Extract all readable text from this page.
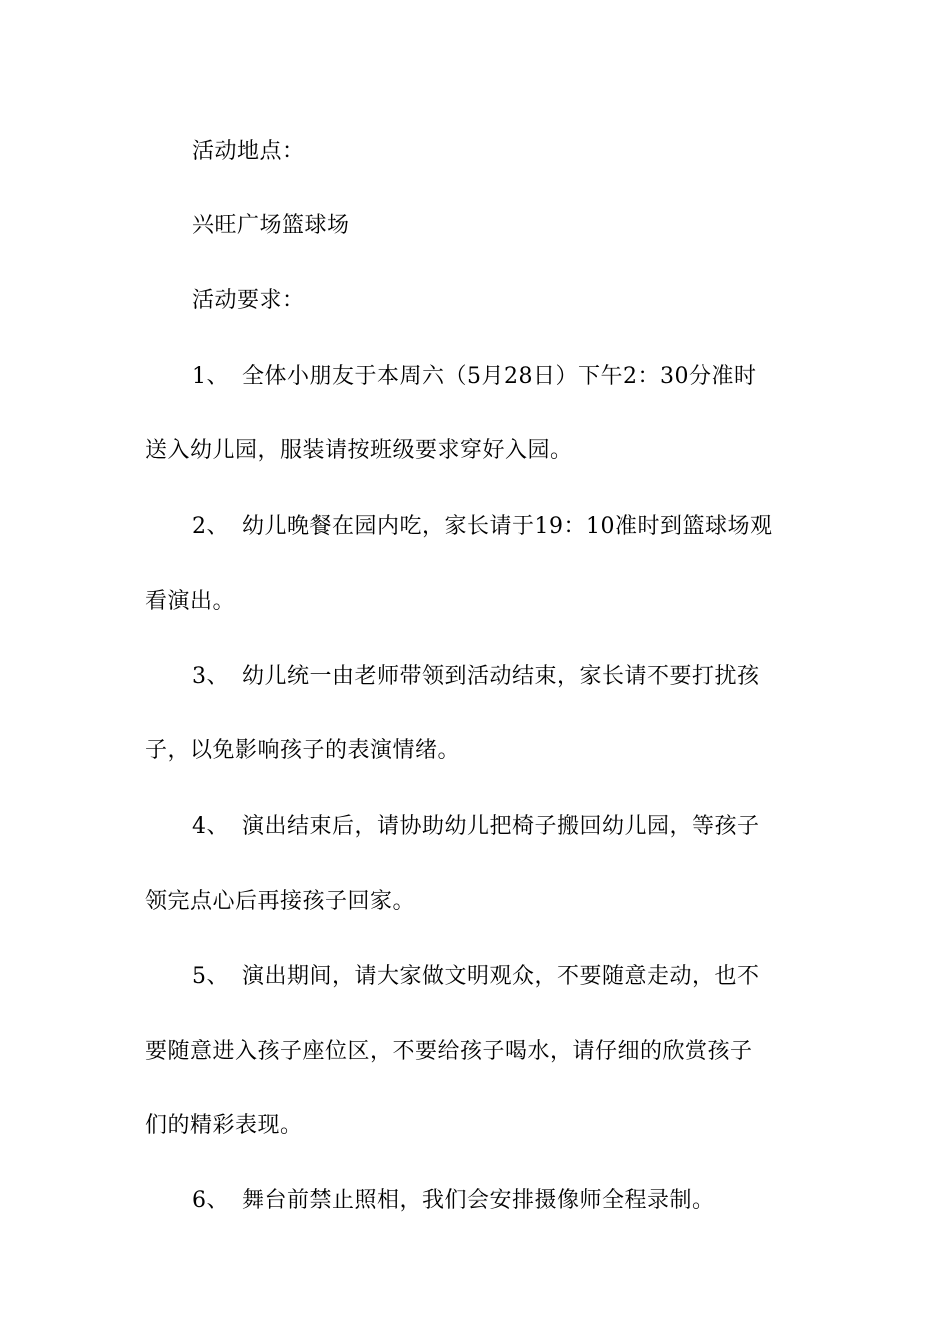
活动地点：
兴旺广场篮球场
活动要求：
1、 全体小朋友于本周六（5月28日）下午2：30分准时
送入幼儿园，服装请按班级要求穿好入园。
2、 幼儿晚餐在园内吃，家长请于19：10准时到篮球场观
看演出。
3、 幼儿统一由老师带领到活动结束，家长请不要打扰孩
子，以免影响孩子的表演情绪。
4、 演出结束后，请协助幼儿把椅子搬回幼儿园，等孩子
领完点心后再接孩子回家。
5、 演出期间，请大家做文明观众，不要随意走动，也不
要随意进入孩子座位区，不要给孩子喝水，请仔细的欣赏孩子
们的精彩表现。
6、 舞台前禁止照相，我们会安排摄像师全程录制。
